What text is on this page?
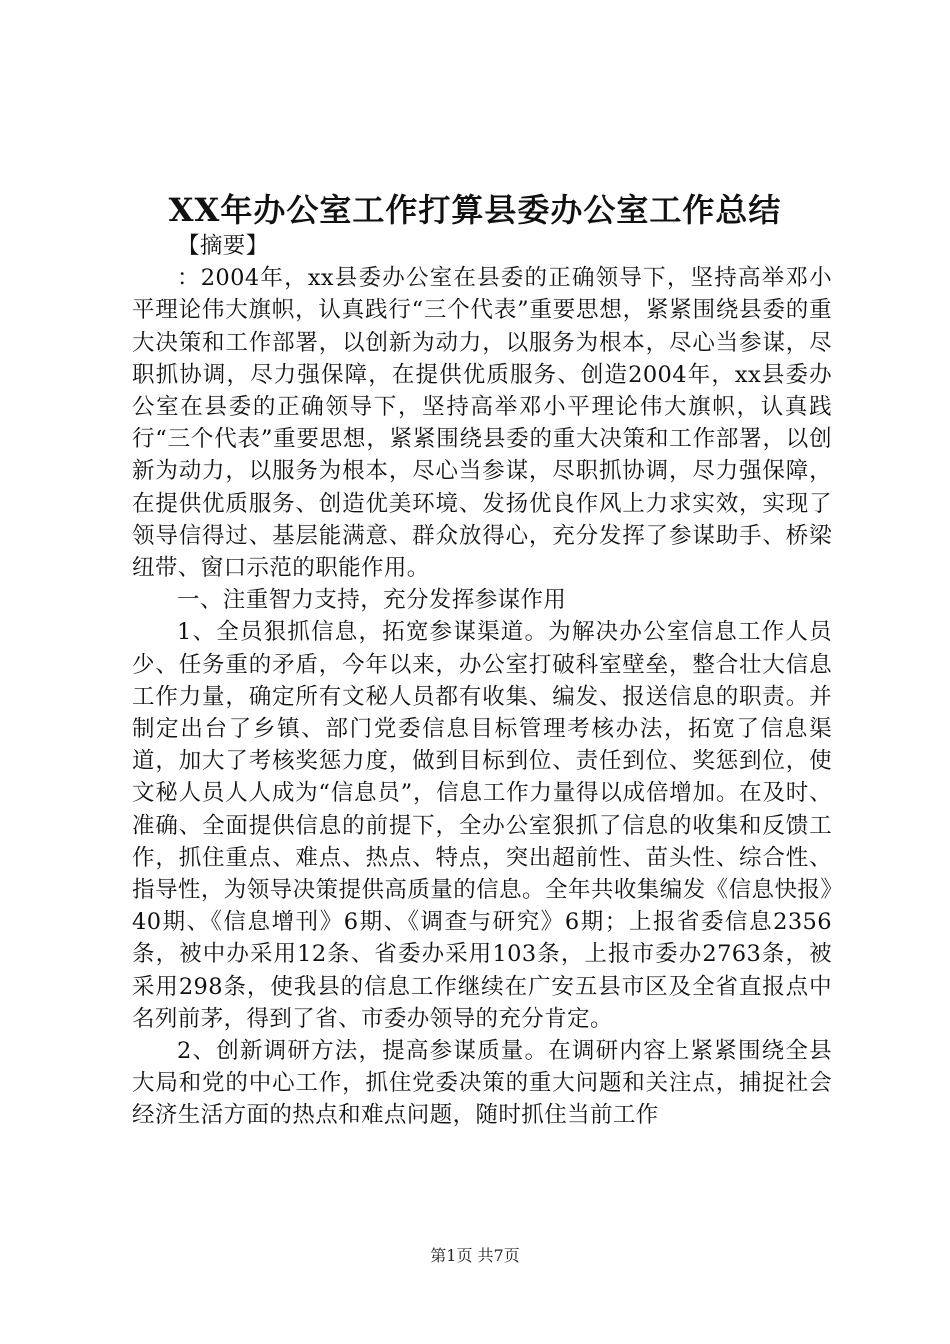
XX年办公室工作打算县委办公室工作总结

【摘要】

：2004年，xx县委办公室在县委的正确领导下，坚持高举邓小平理论伟大旗帜，认真践行“三个代表”重要思想，紧紧围绕县委的重大决策和工作部署，以创新为动力，以服务为根本，尽心当参谋，尽职抓协调，尽力强保障，在提供优质服务、创造2004年，xx县委办公室在县委的正确领导下，坚持高举邓小平理论伟大旗帜，认真践行“三个代表”重要思想，紧紧围绕县委的重大决策和工作部署，以创新为动力，以服务为根本，尽心当参谋，尽职抓协调，尽力强保障，在提供优质服务、创造优美环境、发扬优良作风上力求实效，实现了领导信得过、基层能满意、群众放得心，充分发挥了参谋助手、桥梁纽带、窗口示范的职能作用。

一、注重智力支持，充分发挥参谋作用

1、全员狠抓信息，拓宽参谋渠道。为解决办公室信息工作人员少、任务重的矛盾，今年以来，办公室打破科室壁垒，整合壮大信息工作力量，确定所有文秘人员都有收集、编发、报送信息的职责。并制定出台了乡镇、部门党委信息目标管理考核办法，拓宽了信息渠道，加大了考核奖惩力度，做到目标到位、责任到位、奖惩到位，使文秘人员人人成为“信息员”，信息工作力量得以成倍增加。在及时、准确、全面提供信息的前提下，全办公室狠抓了信息的收集和反馈工作，抓住重点、难点、热点、特点，突出超前性、苗头性、综合性、指导性，为领导决策提供高质量的信息。全年共收集编发《信息快报》40期、《信息增刊》6期、《调查与研究》6期；上报省委信息2356条，被中办采用12条、省委办采用103条，上报市委办2763条，被采用298条，使我县的信息工作继续在广安五县市区及全省直报点中名列前茅，得到了省、市委办领导的充分肯定。

2、创新调研方法，提高参谋质量。在调研内容上紧紧围绕全县大局和党的中心工作，抓住党委决策的重大问题和关注点，捕捉社会经济生活方面的热点和难点问题，随时抓住当前工作

第1页 共7页
